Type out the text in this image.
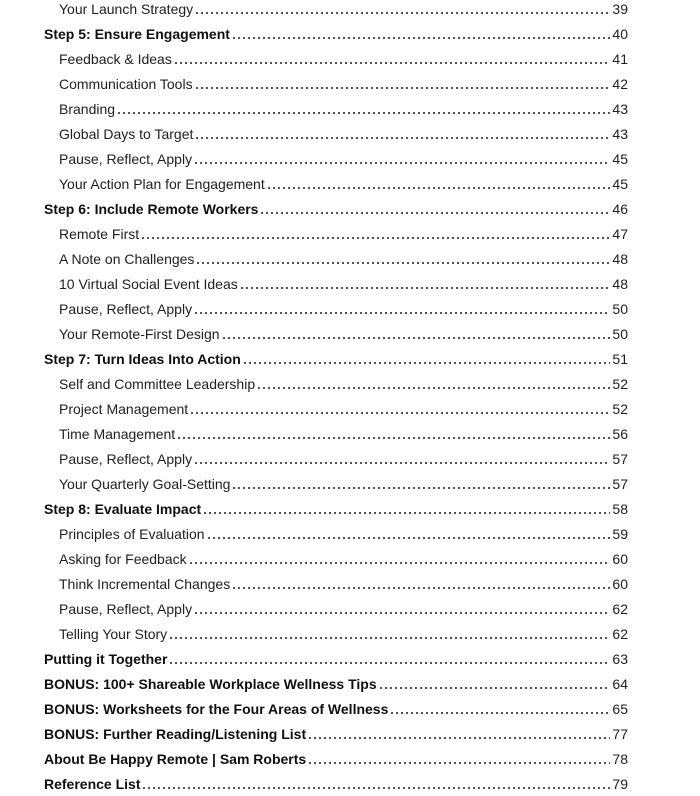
Your Launch Strategy	39
Step 5: Ensure Engagement	40
Feedback & Ideas	41
Communication Tools	42
Branding	43
Global Days to Target	43
Pause, Reflect, Apply	45
Your Action Plan for Engagement	45
Step 6: Include Remote Workers	46
Remote First	47
A Note on Challenges	48
10 Virtual Social Event Ideas	48
Pause, Reflect, Apply	50
Your Remote-First Design	50
Step 7: Turn Ideas Into Action	51
Self and Committee Leadership	52
Project Management	52
Time Management	56
Pause, Reflect, Apply	57
Your Quarterly Goal-Setting	57
Step 8: Evaluate Impact	58
Principles of Evaluation	59
Asking for Feedback	60
Think Incremental Changes	60
Pause, Reflect, Apply	62
Telling Your Story	62
Putting it Together	63
BONUS: 100+ Shareable Workplace Wellness Tips	64
BONUS: Worksheets for the Four Areas of Wellness	65
BONUS: Further Reading/Listening List	77
About Be Happy Remote | Sam Roberts	78
Reference List	79
